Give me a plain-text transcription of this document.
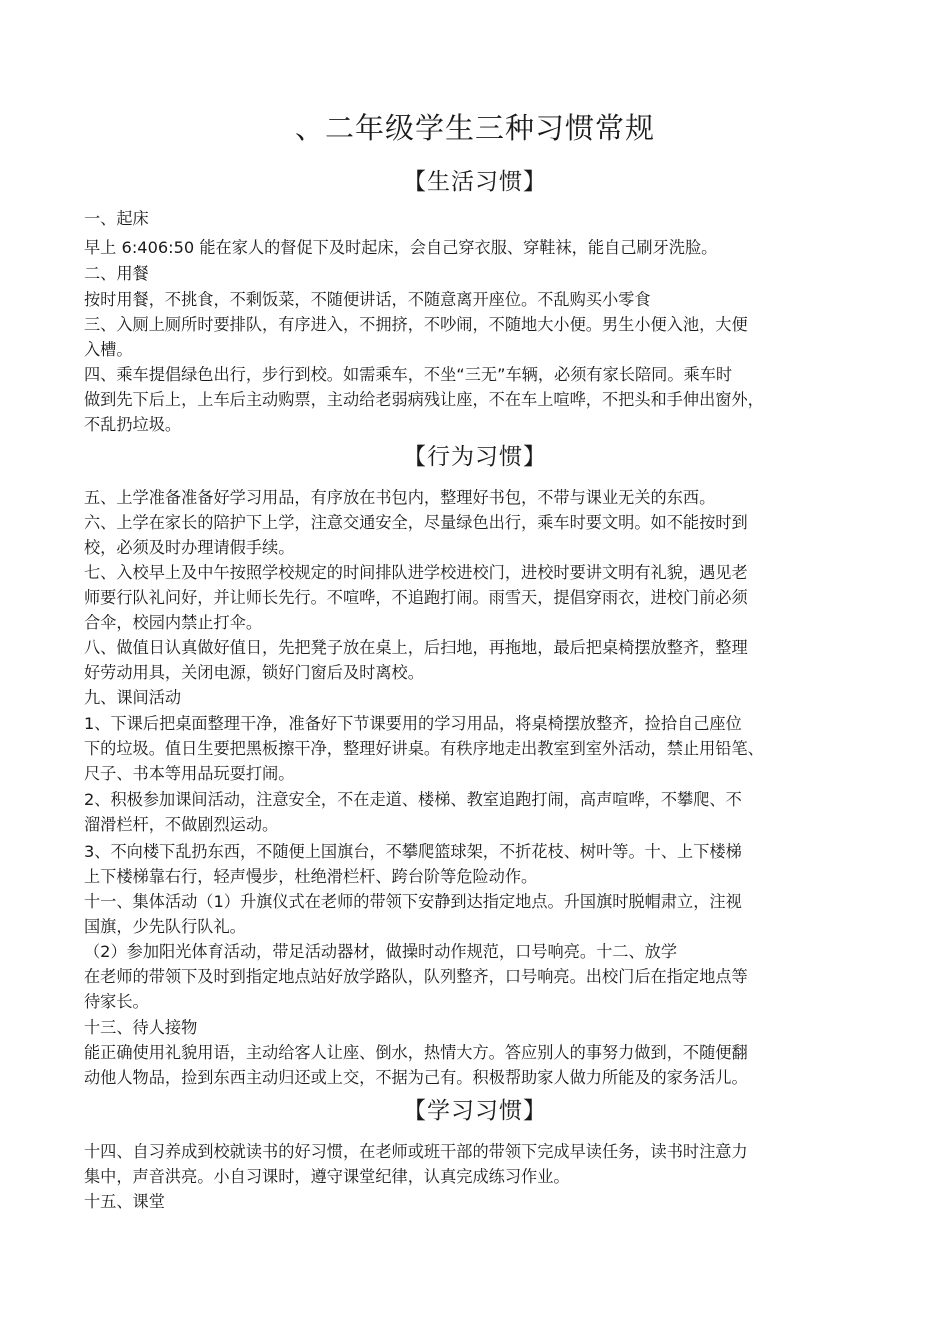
、二年级学生三种习惯常规
【生活习惯】
一、起床
早上 6:406:50 能在家人的督促下及时起床，会自己穿衣服、穿鞋袜，能自己刷牙洗脸。
二、用餐
按时用餐，不挑食，不剩饭菜，不随便讲话，不随意离开座位。不乱购买小零食
三、入厕上厕所时要排队，有序进入，不拥挤，不吵闹，不随地大小便。男生小便入池，大便
入槽。
四、乘车提倡绿色出行，步行到校。如需乘车，不坐“三无”车辆，必须有家长陪同。乘车时
做到先下后上，上车后主动购票，主动给老弱病残让座，不在车上喧哗，不把头和手伸出窗外，
不乱扔垃圾。
【行为习惯】
五、上学准备准备好学习用品，有序放在书包内，整理好书包，不带与课业无关的东西。
六、上学在家长的陪护下上学，注意交通安全，尽量绿色出行，乘车时要文明。如不能按时到
校，必须及时办理请假手续。
七、入校早上及中午按照学校规定的时间排队进学校进校门，进校时要讲文明有礼貌，遇见老
师要行队礼问好，并让师长先行。不喧哗，不追跑打闹。雨雪天，提倡穿雨衣，进校门前必须
合伞，校园内禁止打伞。
八、做值日认真做好值日，先把凳子放在桌上，后扫地，再拖地，最后把桌椅摆放整齐，整理
好劳动用具，关闭电源，锁好门窗后及时离校。
九、课间活动
1、下课后把桌面整理干净，准备好下节课要用的学习用品，将桌椅摆放整齐，捡拾自己座位
下的垃圾。值日生要把黑板擦干净，整理好讲桌。有秩序地走出教室到室外活动，禁止用铅笔、
尺子、书本等用品玩耍打闹。
2、积极参加课间活动，注意安全，不在走道、楼梯、教室追跑打闹，高声喧哗，不攀爬、不
溜滑栏杆，不做剧烈运动。
3、不向楼下乱扔东西，不随便上国旗台，不攀爬篮球架，不折花枝、树叶等。十、上下楼梯
上下楼梯靠右行，轻声慢步，杜绝滑栏杆、跨台阶等危险动作。
十一、集体活动（1）升旗仪式在老师的带领下安静到达指定地点。升国旗时脱帽肃立，注视
国旗，少先队行队礼。
（2）参加阳光体育活动，带足活动器材，做操时动作规范，口号响亮。十二、放学
在老师的带领下及时到指定地点站好放学路队，队列整齐，口号响亮。出校门后在指定地点等
待家长。
十三、待人接物
能正确使用礼貌用语，主动给客人让座、倒水，热情大方。答应别人的事努力做到，不随便翻
动他人物品，捡到东西主动归还或上交，不据为己有。积极帮助家人做力所能及的家务活儿。
【学习习惯】
十四、自习养成到校就读书的好习惯，在老师或班干部的带领下完成早读任务，读书时注意力
集中，声音洪亮。小自习课时，遵守课堂纪律，认真完成练习作业。
十五、课堂
